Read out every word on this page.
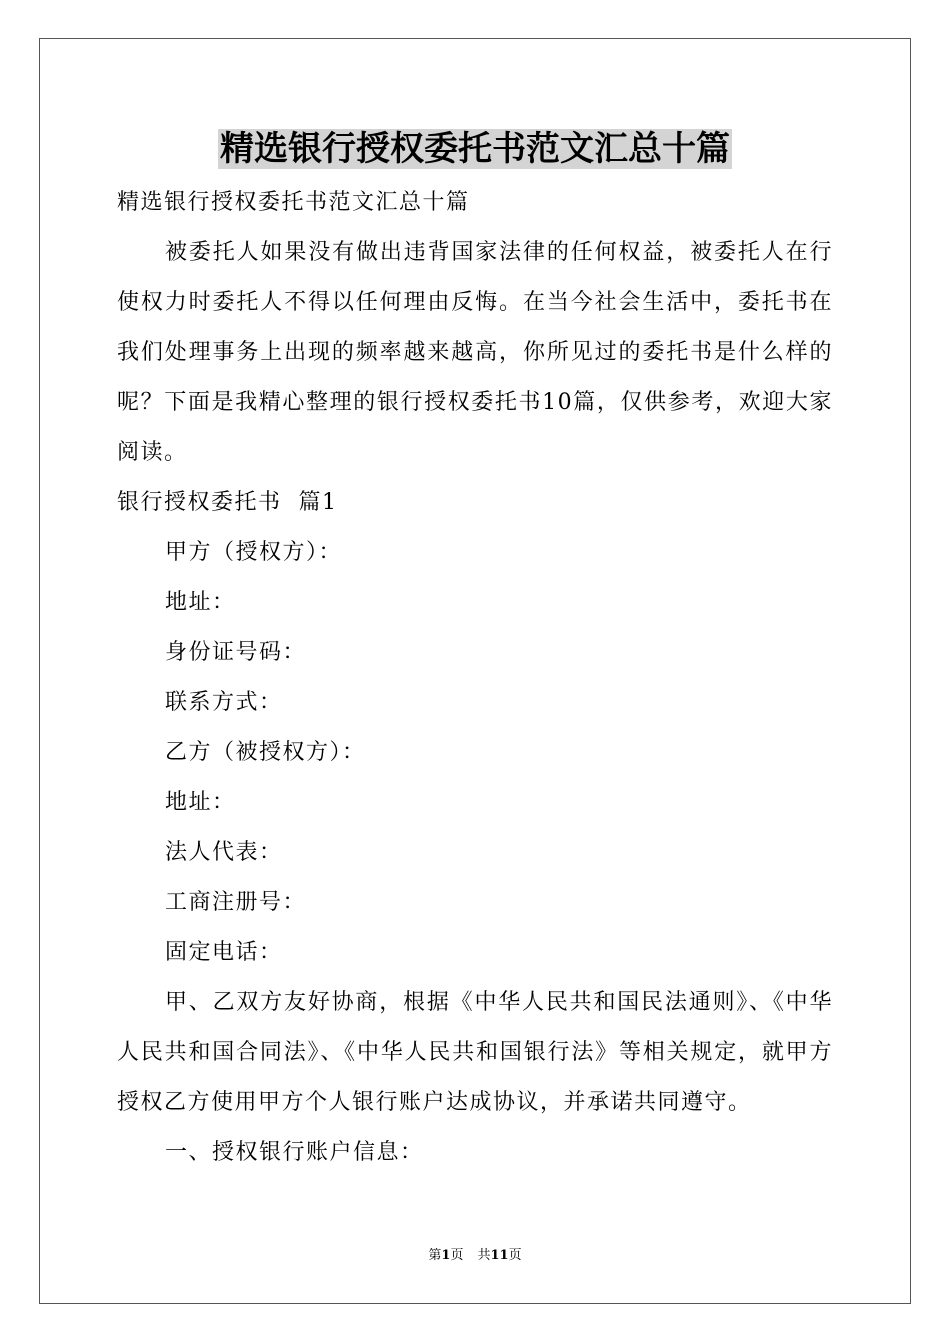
精选银行授权委托书范文汇总十篇

精选银行授权委托书范文汇总十篇

被委托人如果没有做出违背国家法律的任何权益，被委托人在行使权力时委托人不得以任何理由反悔。在当今社会生活中，委托书在我们处理事务上出现的频率越来越高，你所见过的委托书是什么样的呢？下面是我精心整理的银行授权委托书10篇，仅供参考，欢迎大家阅读。

银行授权委托书  篇1

甲方（授权方）：

地址：

身份证号码：

联系方式：

乙方（被授权方）：

地址：

法人代表：

工商注册号：

固定电话：

甲、乙双方友好协商，根据《中华人民共和国民法通则》、《中华人民共和国合同法》、《中华人民共和国银行法》等相关规定，就甲方授权乙方使用甲方个人银行账户达成协议，并承诺共同遵守。

一、授权银行账户信息：

第1页 共11页
